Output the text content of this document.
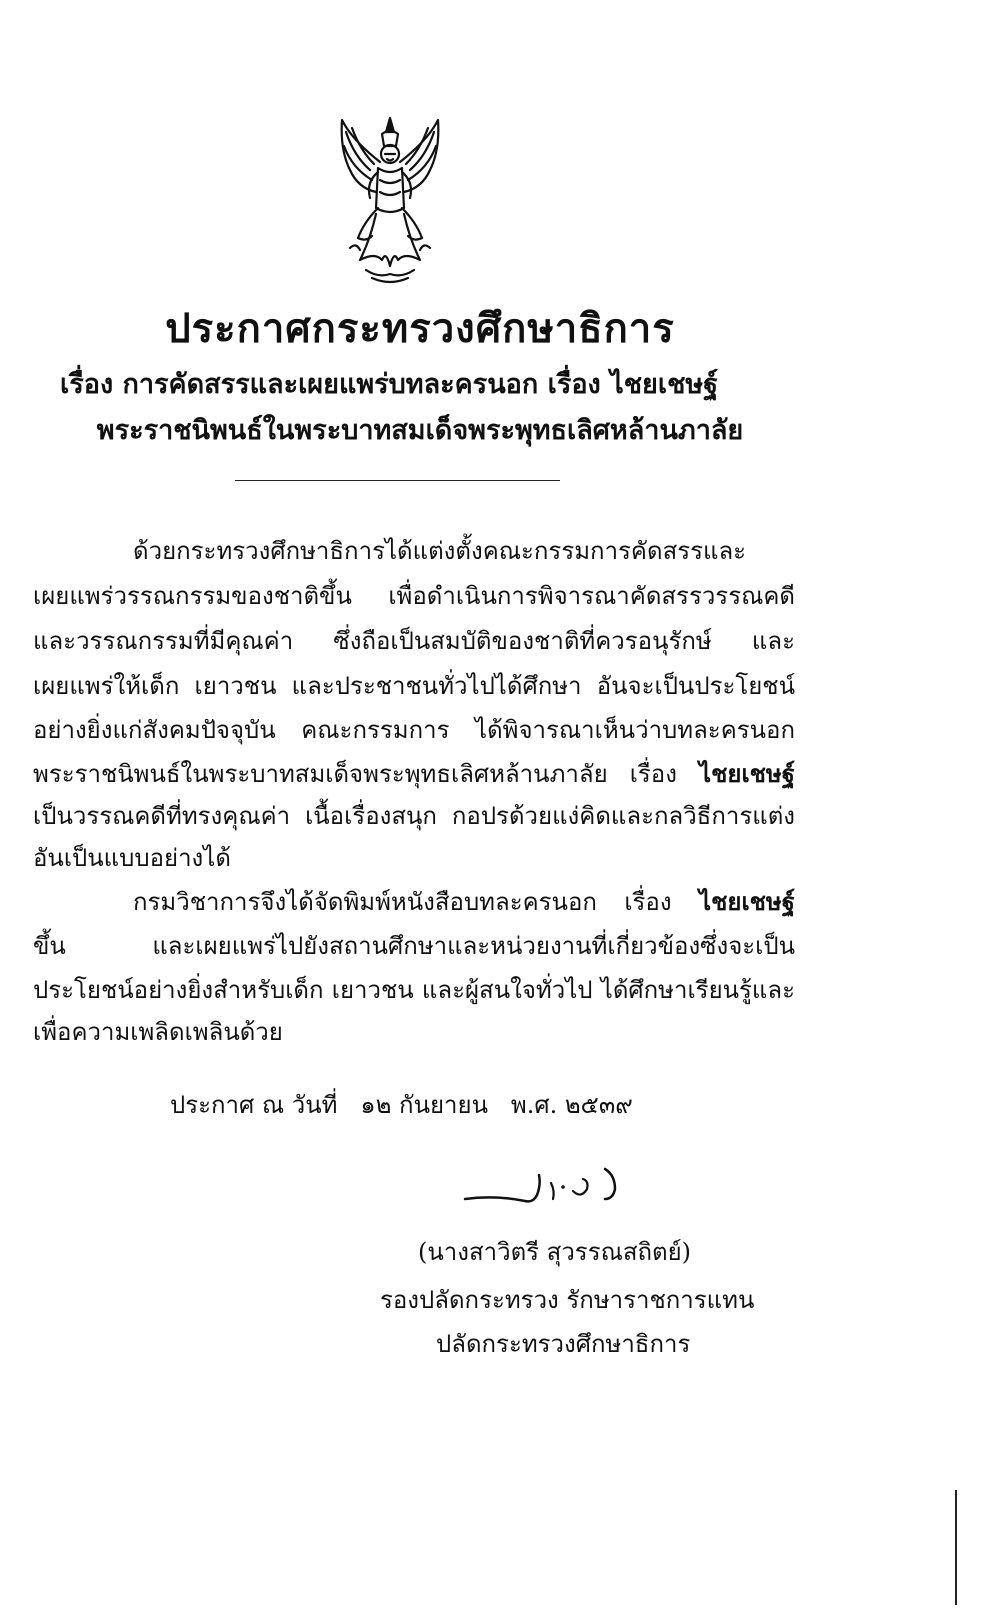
ประกาศกระทรวงศึกษาธิการ
เรื่อง การคัดสรรและเผยแพร่บทละครนอก เรื่อง ไชยเชษฐ์
พระราชนิพนธ์ในพระบาทสมเด็จพระพุทธเลิศหล้านภาลัย
ด้วยกระทรวงศึกษาธิการได้แต่งตั้งคณะกรรมการคัดสรรและ
เผยแพร่วรรณกรรมของชาติขึ้น เพื่อดำเนินการพิจารณาคัดสรรวรรณคดี
และวรรณกรรมที่มีคุณค่า ซึ่งถือเป็นสมบัติของชาติที่ควรอนุรักษ์ และ
เผยแพร่ให้เด็ก เยาวชน และประชาชนทั่วไปได้ศึกษา อันจะเป็นประโยชน์
อย่างยิ่งแก่สังคมปัจจุบัน คณะกรรมการ ได้พิจารณาเห็นว่าบทละครนอก
พระราชนิพนธ์ในพระบาทสมเด็จพระพุทธเลิศหล้านภาลัย เรื่อง ไชยเชษฐ์
เป็นวรรณคดีที่ทรงคุณค่า เนื้อเรื่องสนุก กอปรด้วยแง่คิดและกลวิธีการแต่ง
อันเป็นแบบอย่างได้
กรมวิชาการจึงได้จัดพิมพ์หนังสือบทละครนอก เรื่อง ไชยเชษฐ์
ขึ้น และเผยแพร่ไปยังสถานศึกษาและหน่วยงานที่เกี่ยวข้องซึ่งจะเป็น
ประโยชน์อย่างยิ่งสำหรับเด็ก เยาวชน และผู้สนใจทั่วไป ได้ศึกษาเรียนรู้และ
เพื่อความเพลิดเพลินด้วย
ประกาศ ณ วันที่   ๑๒ กันยายน   พ.ศ. ๒๕๓๙
(นางสาวิตรี สุวรรณสถิตย์)
รองปลัดกระทรวง รักษาราชการแทน
ปลัดกระทรวงศึกษาธิการ
